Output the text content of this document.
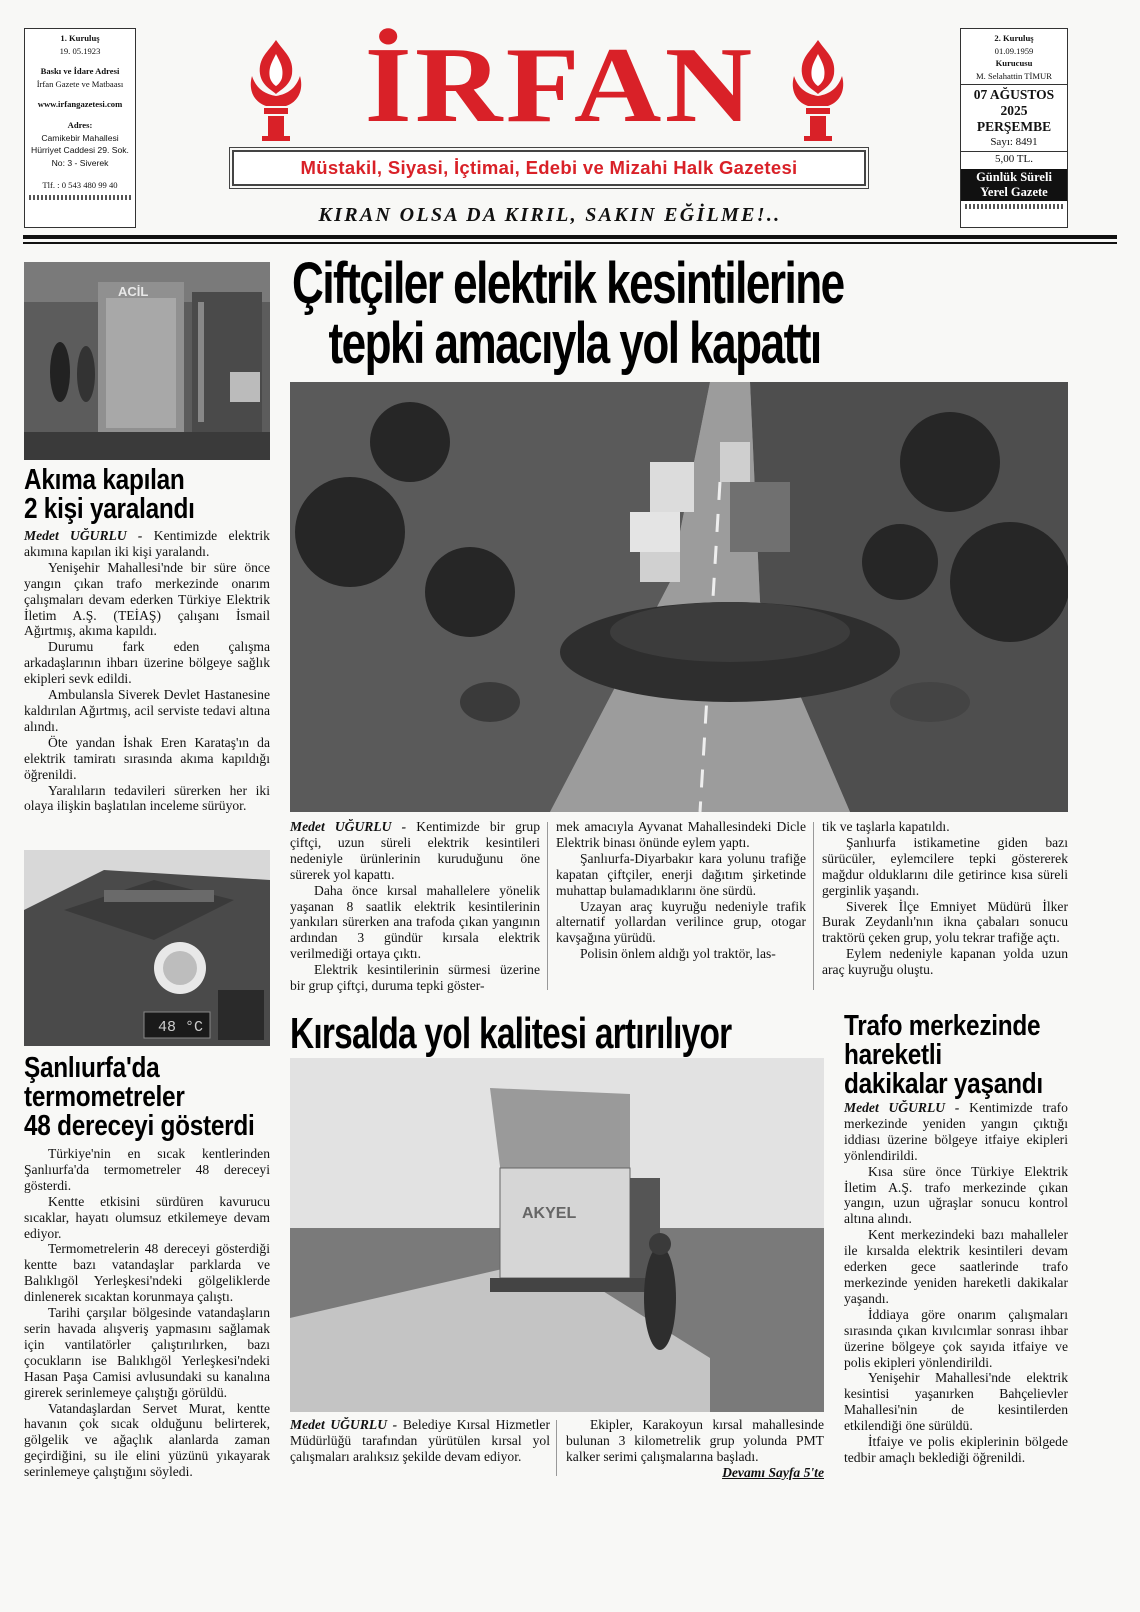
1. Kuruluş
19. 05.1923
Baskı ve İdare Adresi
İrfan Gazete ve Matbaası
www.irfangazetesi.com
Adres:
Camikebir Mahallesi
Hürriyet Caddesi 29. Sok.
No: 3 - Siverek
Tlf. : 0 543 480 99 40
İRFAN
Müstakil, Siyasi, İçtimai, Edebi ve Mizahi Halk Gazetesi
KIRAN OLSA DA KIRIL, SAKIN EĞİLME!..
2. Kuruluş
01.09.1959
Kurucusu
M. Selahattin TİMUR
07 AĞUSTOS
2025
PERŞEMBE
Sayı: 8491
5,00 TL.
Günlük Süreli
Yerel Gazete
ACİL
Akıma kapılan
2 kişi yaralandı

Medet UĞURLU - Kentimizde elektrik akımına kapılan iki kişi yaralandı.

Yenişehir Mahallesi'nde bir süre önce yangın çıkan trafo merkezinde onarım çalışmaları devam ederken Türkiye Elektrik İletim A.Ş. (TEİAŞ) çalışanı İsmail Ağırtmış, akıma kapıldı.

Durumu fark eden çalışma arkadaşlarının ihbarı üzerine bölgeye sağlık ekipleri sevk edildi.

Ambulansla Siverek Devlet Hastanesine kaldırılan Ağırtmış, acil serviste tedavi altına alındı.

Öte yandan İshak Eren Karataş'ın da elektrik tamiratı sırasında akıma kapıldığı öğrenildi.

Yaralıların tedavileri sürerken her iki olaya ilişkin başlatılan inceleme sürüyor.

48 °C
Şanlıurfa'da
termometreler
48 dereceyi gösterdi

Türkiye'nin en sıcak kentlerinden Şanlıurfa'da termometreler 48 dereceyi gösterdi.

Kentte etkisini sürdüren kavurucu sıcaklar, hayatı olumsuz etkilemeye devam ediyor.

Termometrelerin 48 dereceyi gösterdiği kentte bazı vatandaşlar parklarda ve Balıklıgöl Yerleşkesi'ndeki gölgeliklerde dinlenerek sıcaktan korunmaya çalıştı.

Tarihi çarşılar bölgesinde vatandaşların serin havada alışveriş yapmasını sağlamak için vantilatörler çalıştırılırken, bazı çocukların ise Balıklıgöl Yerleşkesi'ndeki Hasan Paşa Camisi avlusundaki su kanalına girerek serinlemeye çalıştığı görüldü.

Vatandaşlardan Servet Murat, kentte havanın çok sıcak olduğunu belirterek, gölgelik ve ağaçlık alanlarda zaman geçirdiğini, su ile elini yüzünü yıkayarak serinlemeye çalıştığını söyledi.

Çiftçiler elektrik kesintilerine
tepki amacıyla yol kapattı

Medet UĞURLU - Kentimizde bir grup çiftçi, uzun süreli elektrik kesintileri nedeniyle ürünlerinin kuruduğunu öne sürerek yol kapattı.

Daha önce kırsal mahallelere yönelik yaşanan 8 saatlik elektrik kesintilerinin yankıları sürerken ana trafoda çıkan yangının ardından 3 gündür kırsala elektrik verilmediği ortaya çıktı.

Elektrik kesintilerinin sürmesi üzerine bir grup çiftçi, duruma tepki göster-

mek amacıyla Ayvanat Mahallesindeki Dicle Elektrik binası önünde eylem yaptı.

Şanlıurfa-Diyarbakır kara yolunu trafiğe kapatan çiftçiler, enerji dağıtım şirketinde muhattap bulamadıklarını öne sürdü.

Uzayan araç kuyruğu nedeniyle trafik alternatif yollardan verilince grup, otogar kavşağına yürüdü.

Polisin önlem aldığı yol traktör, las-

tik ve taşlarla kapatıldı.

Şanlıurfa istikametine giden bazı sürücüler, eylemcilere tepki göstererek mağdur olduklarını dile getirince kısa süreli gerginlik yaşandı.

Siverek İlçe Emniyet Müdürü İlker Burak Zeydanlı'nın ikna çabaları sonucu traktörü çeken grup, yolu tekrar trafiğe açtı.

Eylem nedeniyle kapanan yolda uzun araç kuyruğu oluştu.

Kırsalda yol kalitesi artırılıyor
AKYEL

Medet UĞURLU - Belediye Kırsal Hizmetler Müdürlüğü tarafından yürütülen kırsal yol çalışmaları aralıksız şekilde devam ediyor.

Ekipler, Karakoyun kırsal mahallesinde bulunan 3 kilometrelik grup yolunda PMT kalker serimi çalışmalarına başladı.

Devamı Sayfa 5'te
Trafo merkezinde
hareketli
dakikalar yaşandı

Medet UĞURLU - Kentimizde trafo merkezinde yeniden yangın çıktığı iddiası üzerine bölgeye itfaiye ekipleri yönlendirildi.

Kısa süre önce Türkiye Elektrik İletim A.Ş. trafo merkezinde çıkan yangın, uzun uğraşlar sonucu kontrol altına alındı.

Kent merkezindeki bazı mahalleler ile kırsalda elektrik kesintileri devam ederken gece saatlerinde trafo merkezinde yeniden hareketli dakikalar yaşandı.

İddiaya göre onarım çalışmaları sırasında çıkan kıvılcımlar sonrası ihbar üzerine bölgeye çok sayıda itfaiye ve polis ekipleri yönlendirildi.

Yenişehir Mahallesi'nde elektrik kesintisi yaşanırken Bahçelievler Mahallesi'nin de kesintilerden etkilendiği öne sürüldü.

İtfaiye ve polis ekiplerinin bölgede tedbir amaçlı beklediği öğrenildi.
